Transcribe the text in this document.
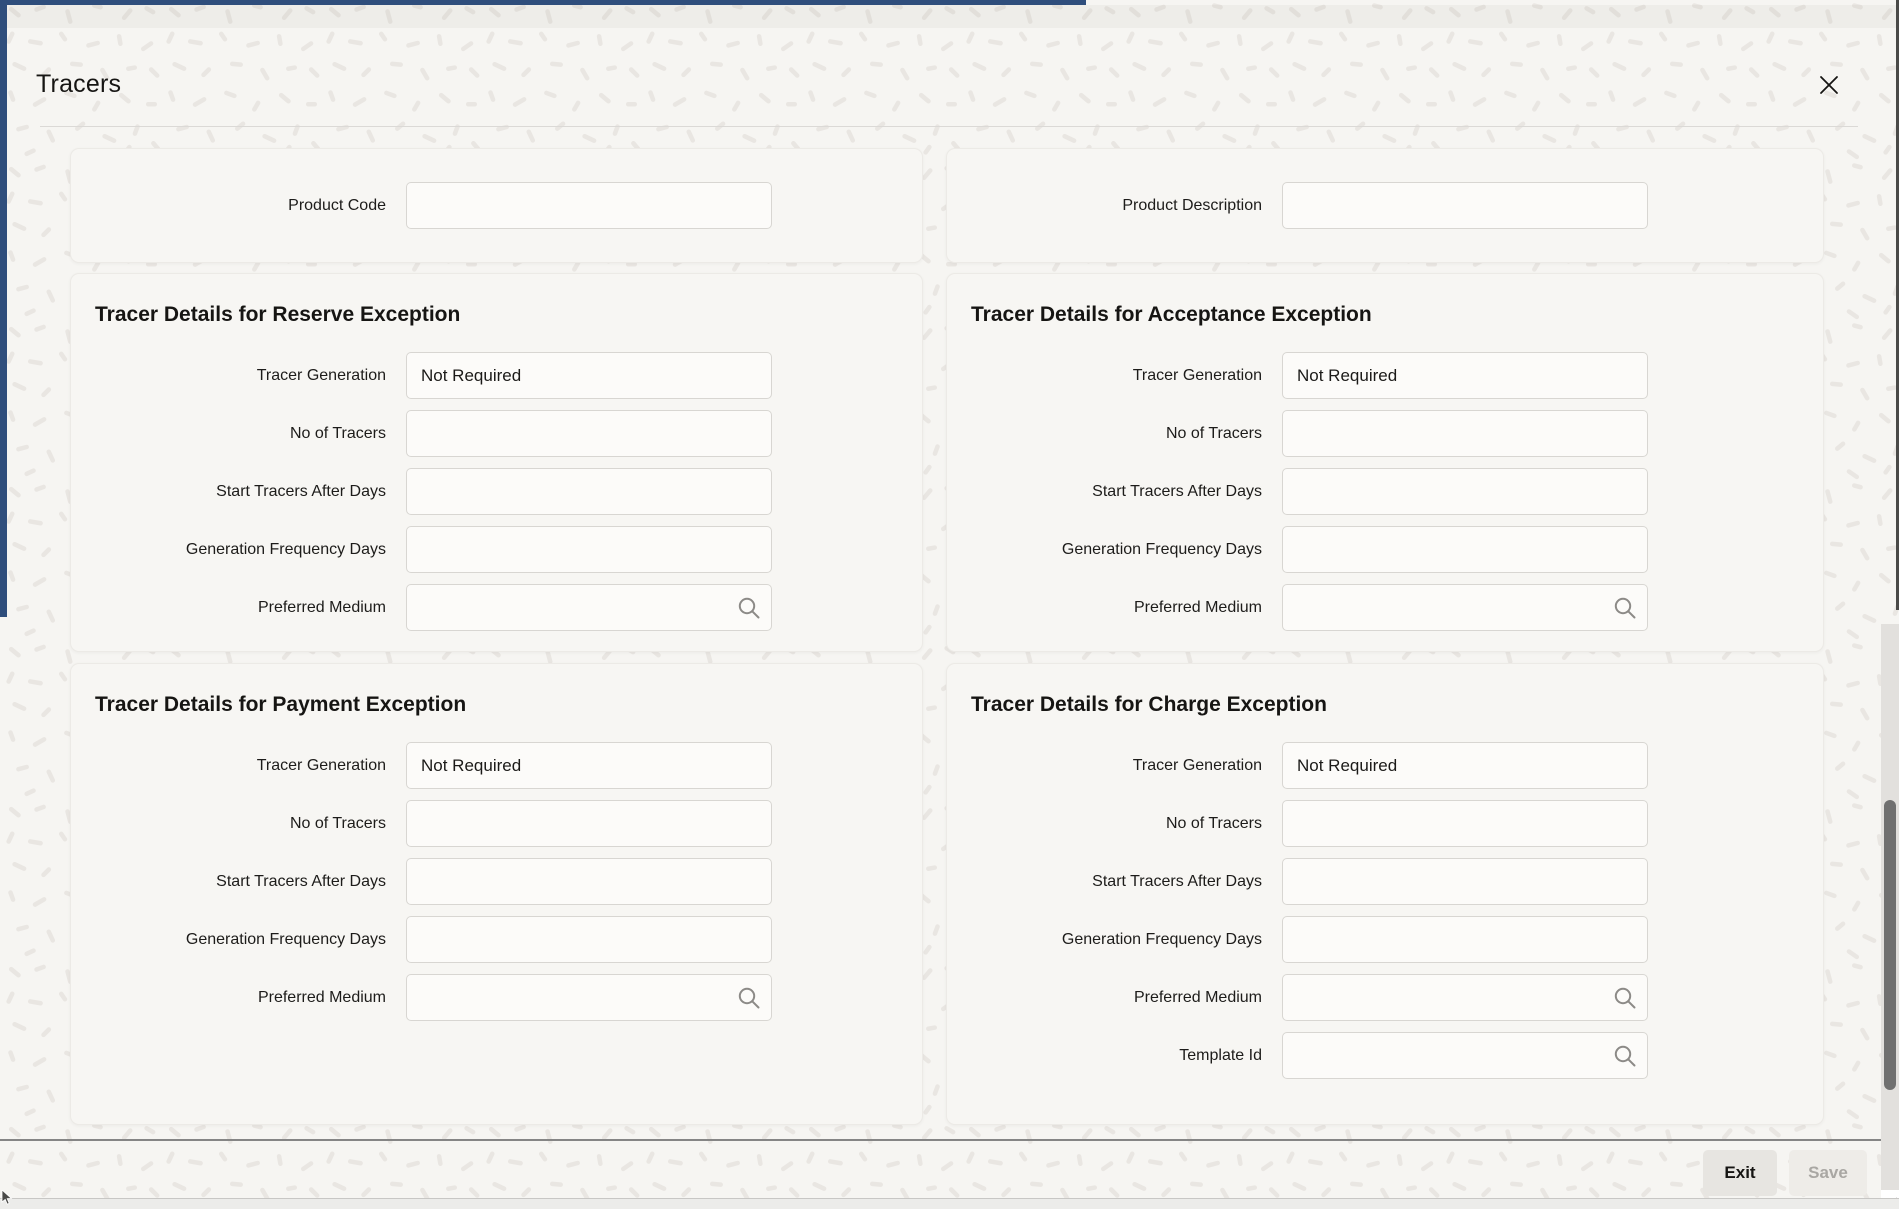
Tracers
Product Code	Product Description
Tracer Details for Reserve Exception
Tracer Generation
Not Required
No of Tracers
Start Tracers After Days
Generation Frequency Days
Preferred Medium
Tracer Details for Acceptance Exception
Tracer Generation
Not Required
No of Tracers
Start Tracers After Days
Generation Frequency Days
Preferred Medium
Tracer Details for Payment Exception
Tracer Generation
Not Required
No of Tracers
Start Tracers After Days
Generation Frequency Days
Preferred Medium
Tracer Details for Charge Exception
Tracer Generation
Not Required
No of Tracers
Start Tracers After Days
Generation Frequency Days
Preferred Medium
Template Id
Exit	Save
